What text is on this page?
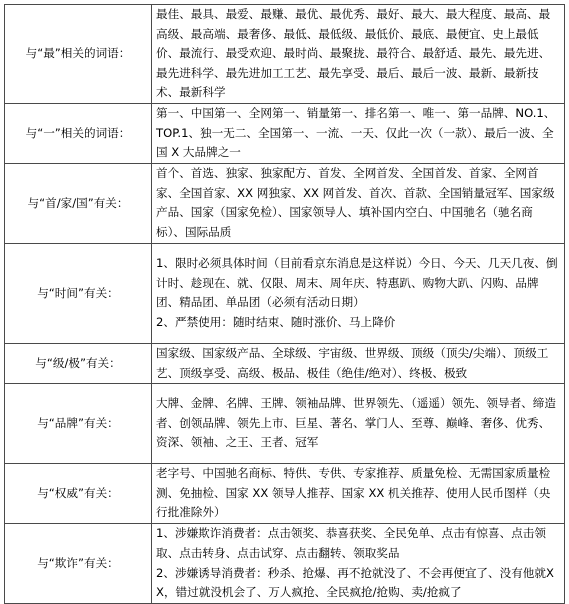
与“最”相关的词语：	最佳、最具、最爱、最赚、最优、最优秀、最好、最大、最大程度、最高、最高级、最高端、最奢侈、最低、最低级、最低价、最底、最便宜、史上最低价、最流行、最受欢迎、最时尚、最聚拢、最符合、最舒适、最先、最先进、最先进科学、最先进加工工艺、最先享受、最后、最后一波、最新、最新技术、最新科学

与“一”相关的词语：	第一、中国第一、全网第一、销量第一、排名第一、唯一、第一品牌、NO.1、TOP.1、独一无二、全国第一、一流、一天、仅此一次（一款）、最后一波、全国 X 大品牌之一

与“首/家/国”有关：	首个、首选、独家、独家配方、首发、全网首发、全国首发、首家、全网首家、全国首家、XX 网独家、XX 网首发、首次、首款、全国销量冠军、国家级产品、国家（国家免检）、国家领导人、填补国内空白、中国驰名（驰名商标）、国际品质

与“时间”有关：	1、限时必须具体时间（目前看京东消息是这样说）今日、今天、几天几夜、倒计时、趁现在、就、仅限、周末、周年庆、特惠趴、购物大趴、闪购、品牌团、精品团、单品团（必须有活动日期）
2、严禁使用：随时结束、随时涨价、马上降价

与“级/极”有关：	国家级、国家级产品、全球级、宇宙级、世界级、顶级（顶尖/尖端）、顶级工艺、顶级享受、高级、极品、极佳（绝佳/绝对）、终极、极致

与“品牌”有关：	大牌、金牌、名牌、王牌、领袖品牌、世界领先、（遥遥）领先、领导者、缔造者、创领品牌、领先上市、巨星、著名、掌门人、至尊、巅峰、奢侈、优秀、资深、领袖、之王、王者、冠军

与“权威”有关：	老字号、中国驰名商标、特供、专供、专家推荐、质量免检、无需国家质量检测、免抽检、国家 XX 领导人推荐、国家 XX 机关推荐、使用人民币图样（央行批准除外）

与“欺诈”有关：	1、涉嫌欺诈消费者：点击领奖、恭喜获奖、全民免单、点击有惊喜、点击领取、点击转身、点击试穿、点击翻转、领取奖品
2、涉嫌诱导消费者：秒杀、抢爆、再不抢就没了、不会再便宜了、没有他就XX，错过就没机会了、万人疯抢、全民疯抢/抢购、卖/抢疯了
